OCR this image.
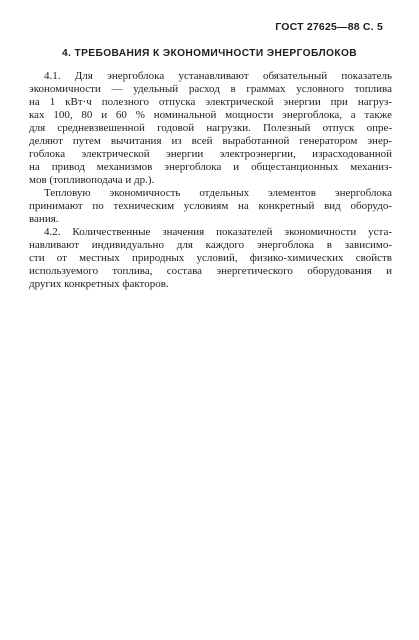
ГОСТ 27625—88 С. 5
4. ТРЕБОВАНИЯ К ЭКОНОМИЧНОСТИ ЭНЕРГОБЛОКОВ
4.1. Для энергоблока устанавливают обязательный показатель
экономичности — удельный расход в граммах условного топлива
на 1 кВт·ч полезного отпуска электрической энергии при нагруз-
ках 100, 80 и 60 % номинальной мощности энергоблока, а также
для средневзвешенной годовой нагрузки. Полезный отпуск опре-
деляют путем вычитания из всей выработанной генератором энер-
гоблока электрической энергии электроэнергии, израсходованной
на привод механизмов энергоблока и общестанционных механиз-
мов (топливоподача и др.).
Тепловую экономичность отдельных элементов энергоблока
принимают по техническим условиям на конкретный вид оборудо-
вания.
4.2. Количественные значения показателей экономичности уста-
навливают индивидуально для каждого энергоблока в зависимо-
сти от местных природных условий, физико-химических свойств
используемого топлива, состава энергетического оборудования и
других конкретных факторов.
